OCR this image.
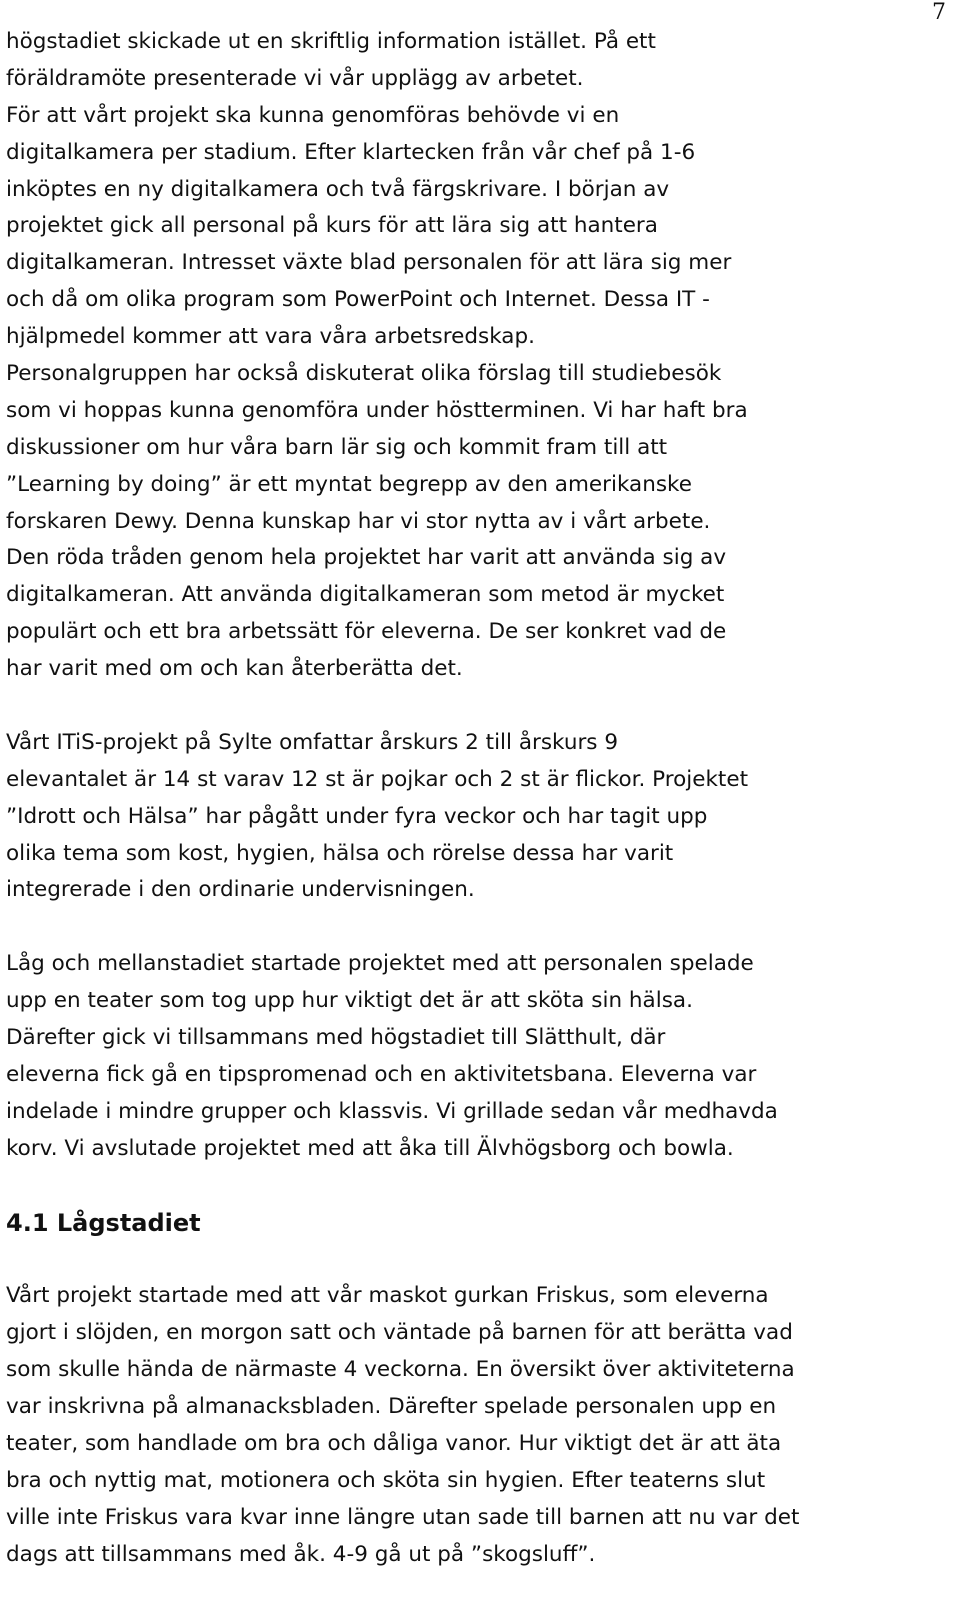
7
högstadiet skickade ut en skriftlig information istället. På ett
föräldramöte presenterade vi vår upplägg av arbetet.
För att vårt projekt ska kunna genomföras behövde vi en
digitalkamera per stadium. Efter klartecken från vår chef på 1-6
inköptes en ny digitalkamera och två färgskrivare. I början av
projektet gick all personal på kurs för att lära sig att hantera
digitalkameran. Intresset växte blad personalen för att lära sig mer
och då om olika program som PowerPoint och Internet. Dessa IT -
hjälpmedel kommer att vara våra arbetsredskap.
Personalgruppen har också diskuterat olika förslag till studiebesök
som vi hoppas kunna genomföra under höstterminen. Vi har haft bra
diskussioner om hur våra barn lär sig och kommit fram till att
”Learning by doing” är ett myntat begrepp av den amerikanske
forskaren Dewy. Denna kunskap har vi stor nytta av i vårt arbete.
Den röda tråden genom hela projektet har varit att använda sig av
digitalkameran. Att använda digitalkameran som metod är mycket
populärt och ett bra arbetssätt för eleverna. De ser konkret vad de
har varit med om och kan återberätta det.
Vårt ITiS-projekt på Sylte omfattar årskurs 2 till årskurs 9
elevantalet är 14 st varav 12 st är pojkar och 2 st är flickor. Projektet
”Idrott och Hälsa” har pågått under fyra veckor och har tagit upp
olika tema som kost, hygien, hälsa och rörelse dessa har varit
integrerade i den ordinarie undervisningen.
Låg och mellanstadiet startade projektet med att personalen spelade
upp en teater som tog upp hur viktigt det är att sköta sin hälsa.
Därefter gick vi tillsammans med högstadiet till Slätthult, där
eleverna fick gå en tipspromenad och en aktivitetsbana. Eleverna var
indelade i mindre grupper och klassvis. Vi grillade sedan vår medhavda
korv. Vi avslutade projektet med att åka till Älvhögsborg och bowla.
4.1 Lågstadiet
Vårt projekt startade med att vår maskot gurkan Friskus, som eleverna
gjort i slöjden, en morgon satt och väntade på barnen för att berätta vad
som skulle hända de närmaste 4 veckorna. En översikt över aktiviteterna
var inskrivna på almanacksbladen. Därefter spelade personalen upp en
teater, som handlade om bra och dåliga vanor. Hur viktigt det är att äta
bra och nyttig mat, motionera och sköta sin hygien. Efter teaterns slut
ville inte Friskus vara kvar inne längre utan sade till barnen att nu var det
dags att tillsammans med åk. 4-9 gå ut på ”skogsluff”.
